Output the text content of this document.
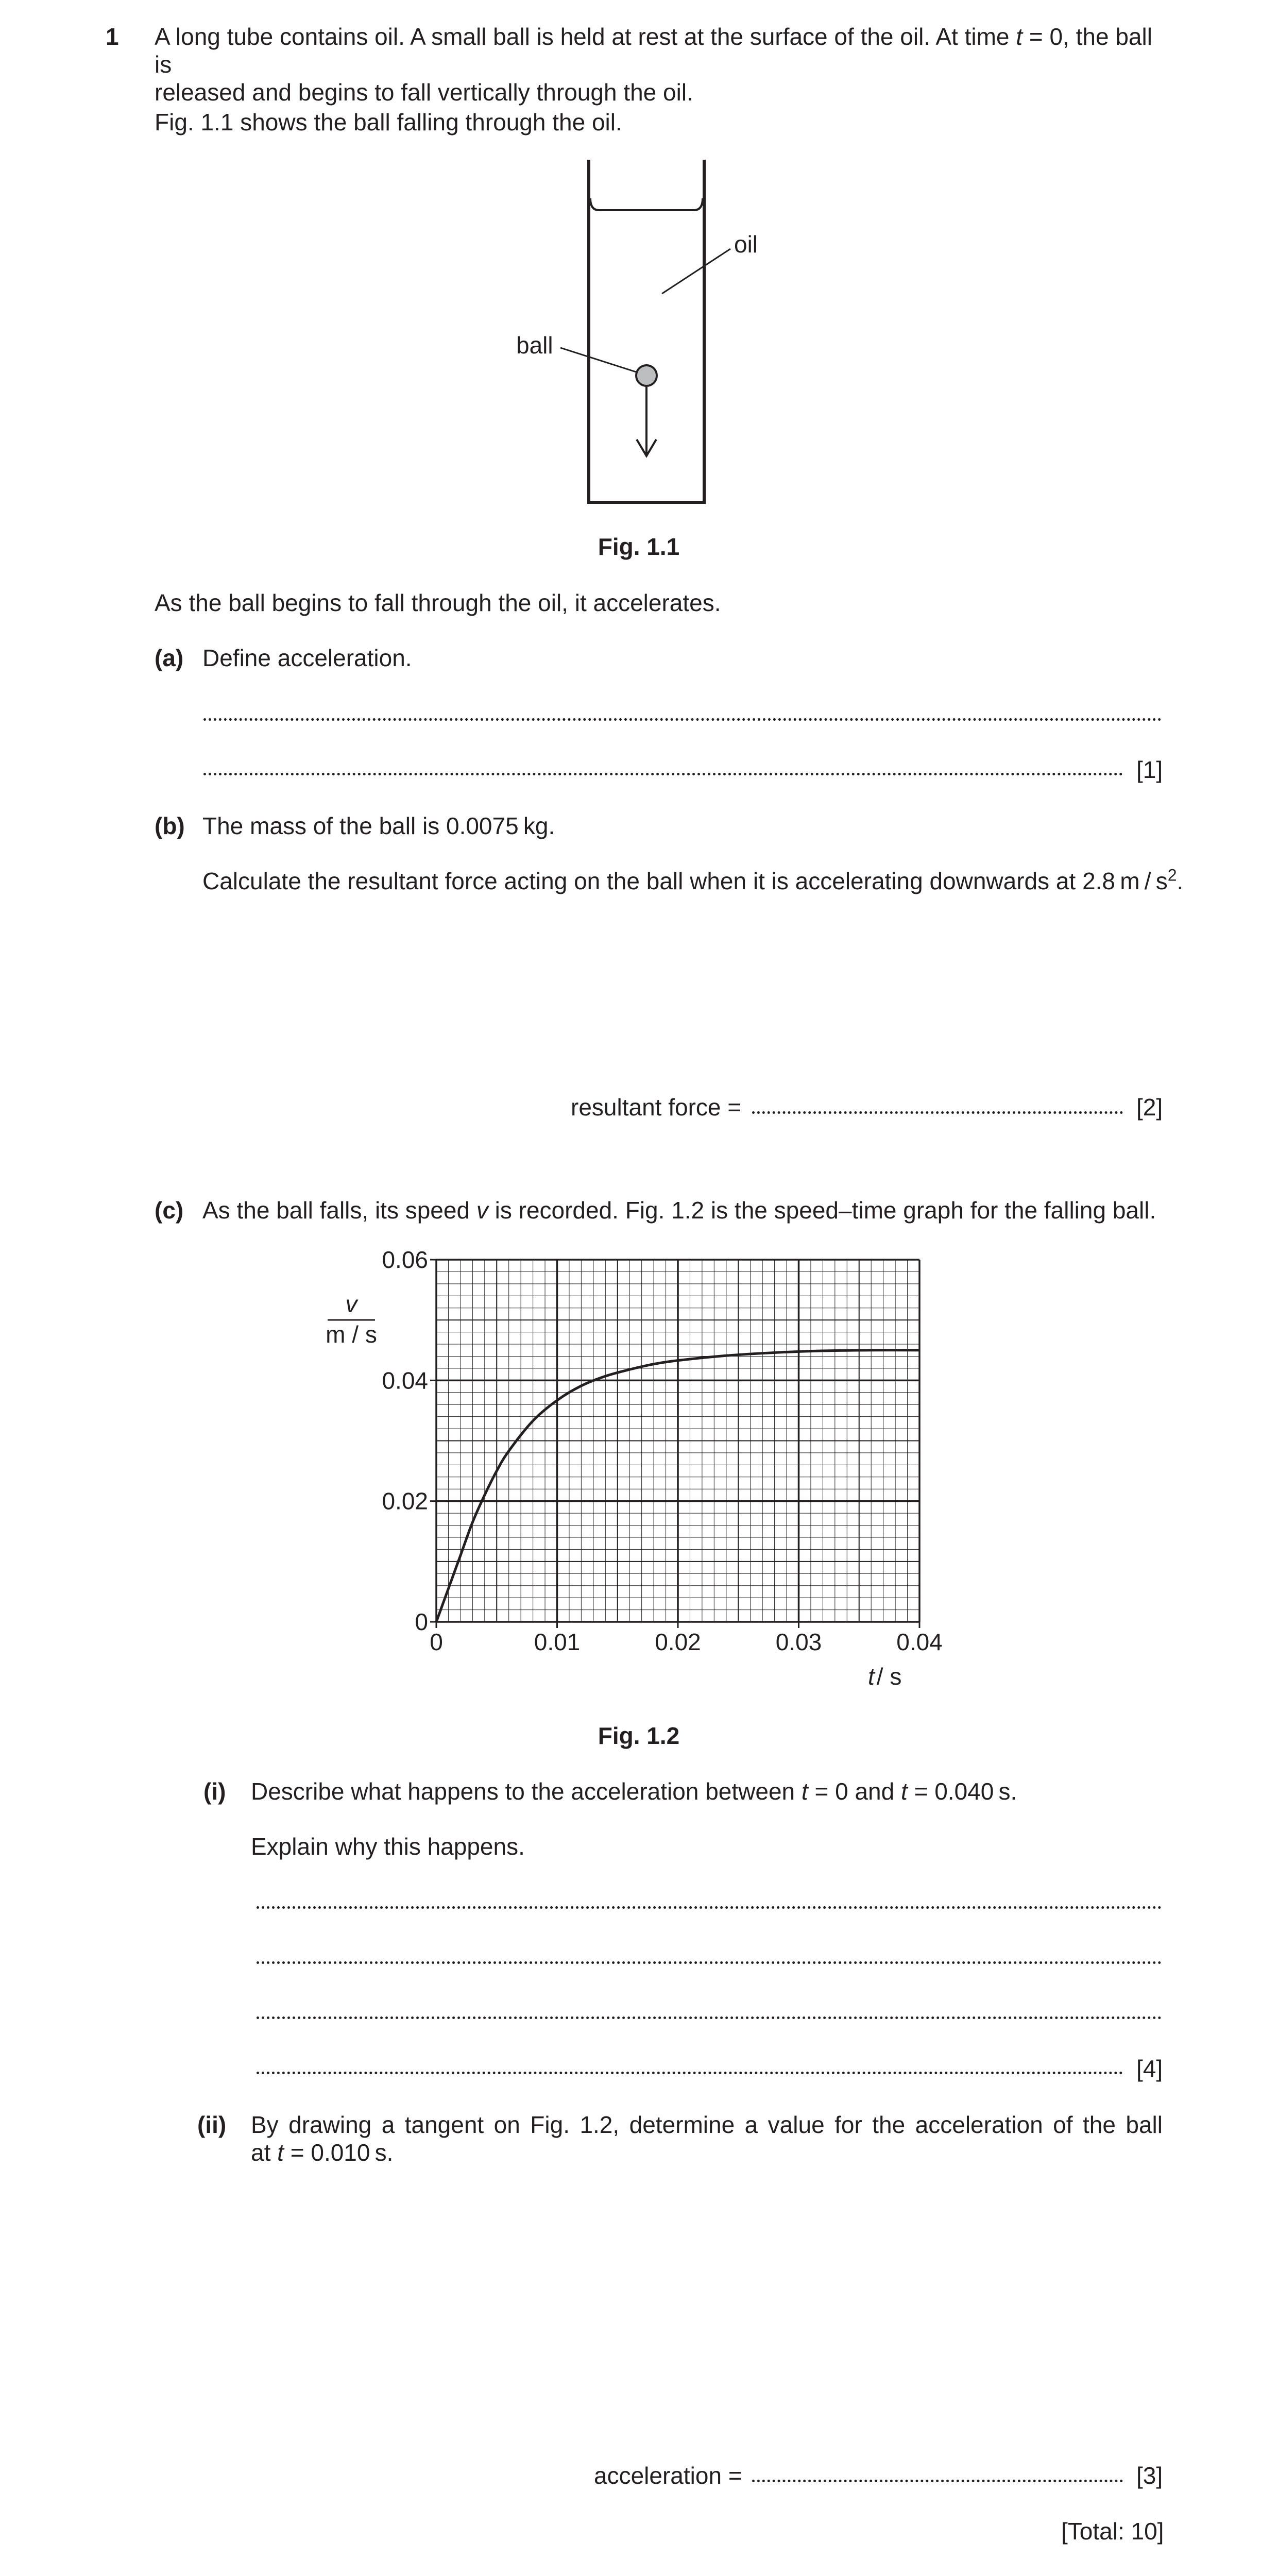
1 A long tube contains oil. A small ball is held at rest at the surface of the oil. At time t = 0, the ball is
released and begins to fall vertically through the oil.
Fig. 1.1 shows the ball falling through the oil.
oil
ball
Fig. 1.1
As the ball begins to fall through the oil, it accelerates.
(a) Define acceleration.
[1]
(b) The mass of the ball is 0.0075 kg.
Calculate the resultant force acting on the ball when it is accelerating downwards at 2.8 m / $s^2$.
resultant force =	[2]
(c) As the ball falls, its speed v is recorded. Fig. 1.2 is the speed–time graph for the falling ball.
0	0.01	0.02	0.03	0.04
0
0.02
0.04
0.06
v
m / s
t/ s
Fig. 1.2
(i) Describe what happens to the acceleration between t = 0 and t = 0.040 s.
Explain why this happens.
[4]
(ii) By drawing a tangent on Fig. 1.2, determine a value for the acceleration of the ball
at t = 0.010 s.
acceleration =	[3]
[Total: 10]
